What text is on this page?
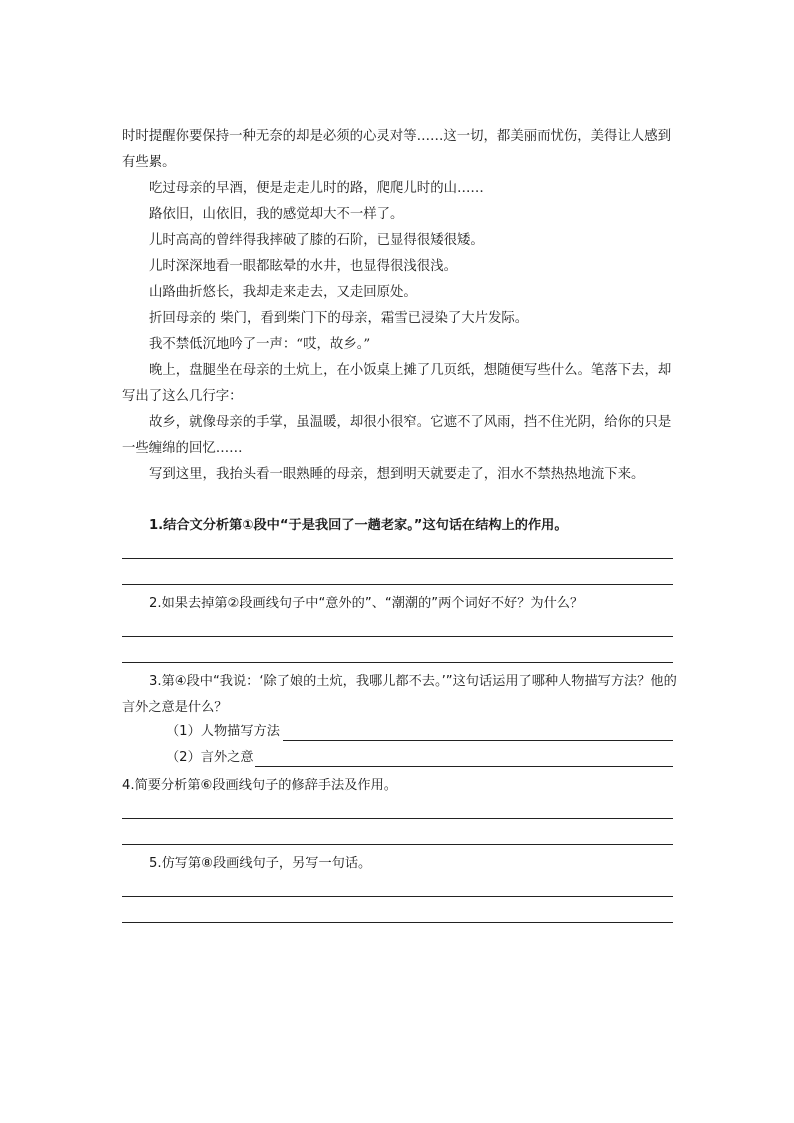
时时提醒你要保持一种无奈的却是必须的心灵对等……这一切，都美丽而忧伤，美得让人感到有些累。

吃过母亲的早酒，便是走走儿时的路，爬爬儿时的山……

路依旧，山依旧，我的感觉却大不一样了。

儿时高高的曾绊得我摔破了膝的石阶，已显得很矮很矮。

儿时深深地看一眼都眩晕的水井，也显得很浅很浅。

山路曲折悠长，我却走来走去，又走回原处。

折回母亲的 柴门，看到柴门下的母亲，霜雪已浸染了大片发际。

我不禁低沉地吟了一声：“哎，故乡。”

晚上，盘腿坐在母亲的土炕上，在小饭桌上摊了几页纸，想随便写些什么。笔落下去，却写出了这么几行字：

故乡，就像母亲的手掌，虽温暖，却很小很窄。它遮不了风雨，挡不住光阴，给你的只是一些缠绵的回忆……

写到这里，我抬头看一眼熟睡的母亲，想到明天就要走了，泪水不禁热热地流下来。

1.结合文分析第①段中“于是我回了一趟老家。”这句话在结构上的作用。
2.如果去掉第②段画线句子中“意外的”、“潮潮的”两个词好不好？为什么？
3.第④段中“我说：‘除了娘的土炕，我哪儿都不去。’”这句话运用了哪种人物描写方法？他的言外之意是什么？
（1）人物描写方法
（2）言外之意
4.简要分析第⑥段画线句子的修辞手法及作用。
5.仿写第⑧段画线句子，另写一句话。
